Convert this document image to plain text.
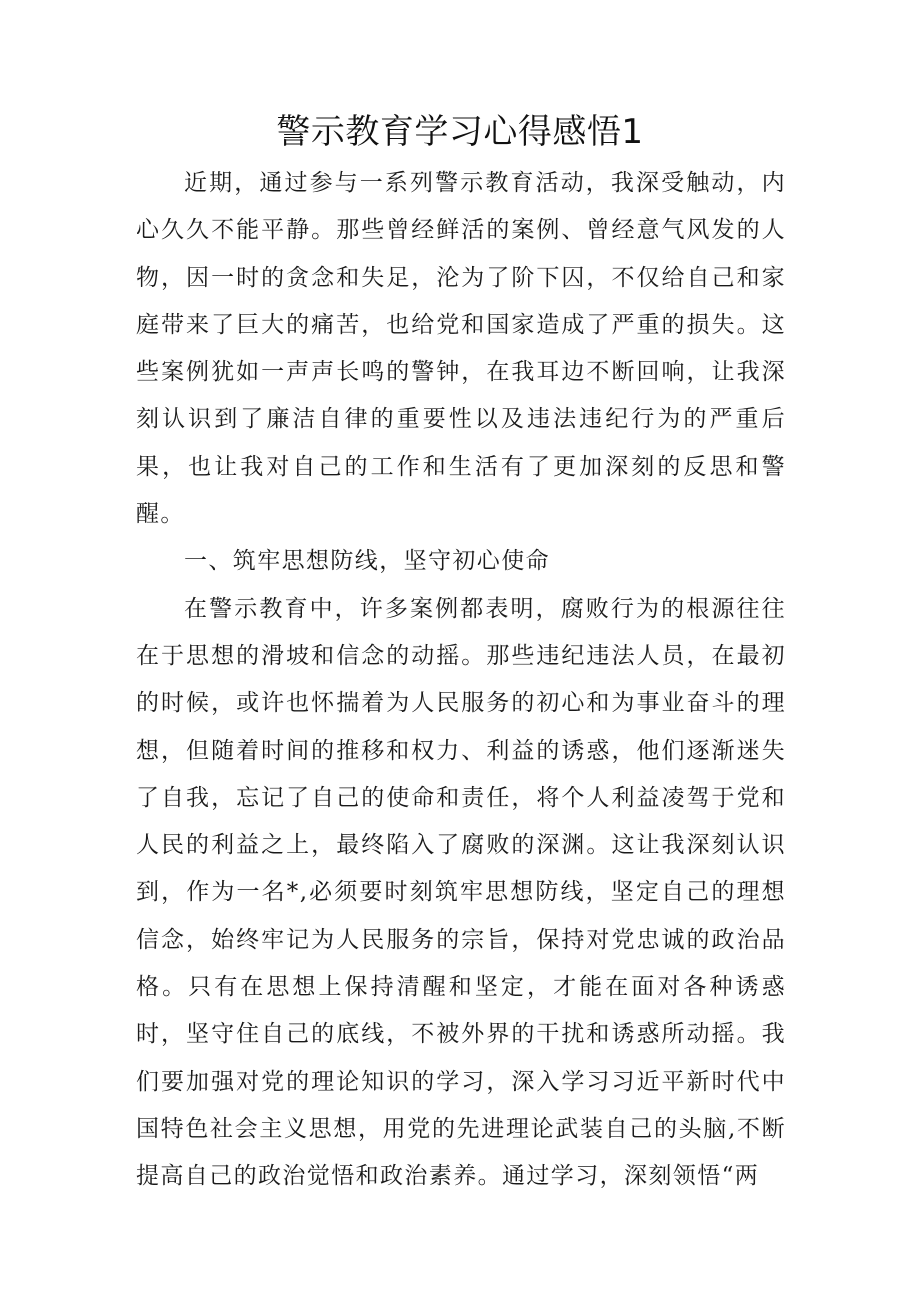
警示教育学习心得感悟1

近期，通过参与一系列警示教育活动，我深受触动，内心久久不能平静。那些曾经鲜活的案例、曾经意气风发的人物，因一时的贪念和失足，沦为了阶下囚，不仅给自己和家庭带来了巨大的痛苦，也给党和国家造成了严重的损失。这些案例犹如一声声长鸣的警钟，在我耳边不断回响，让我深刻认识到了廉洁自律的重要性以及违法违纪行为的严重后果，也让我对自己的工作和生活有了更加深刻的反思和警醒。

一、筑牢思想防线，坚守初心使命

在警示教育中，许多案例都表明，腐败行为的根源往往在于思想的滑坡和信念的动摇。那些违纪违法人员，在最初的时候，或许也怀揣着为人民服务的初心和为事业奋斗的理想，但随着时间的推移和权力、利益的诱惑，他们逐渐迷失了自我，忘记了自己的使命和责任，将个人利益凌驾于党和人民的利益之上，最终陷入了腐败的深渊。这让我深刻认识到，作为一名*,必须要时刻筑牢思想防线，坚定自己的理想信念，始终牢记为人民服务的宗旨，保持对党忠诚的政治品格。只有在思想上保持清醒和坚定，才能在面对各种诱惑时，坚守住自己的底线，不被外界的干扰和诱惑所动摇。我们要加强对党的理论知识的学习，深入学习习近平新时代中国特色社会主义思想，用党的先进理论武装自己的头脑,不断提高自己的政治觉悟和政治素养。通过学习，深刻领悟“两
